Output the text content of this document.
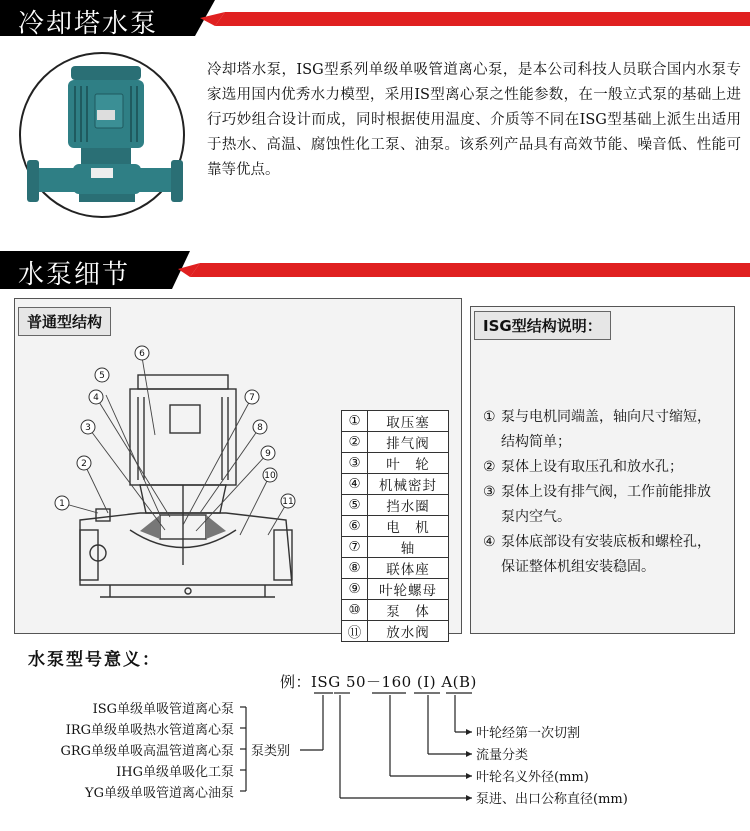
冷却塔水泵
冷却塔水泵，ISG型系列单级单吸管道离心泵，是本公司科技人员联合国内水泵专家选用国内优秀水力模型，采用IS型离心泵之性能参数，在一般立式泵的基础上进行巧妙组合设计而成，同时根据使用温度、介质等不同在ISG型基础上派生出适用于热水、高温、腐蚀性化工泵、油泵。该系列产品具有高效节能、噪音低、性能可靠等优点。
水泵细节
普通型结构
1
2
3
4
5
6
7
8
9
10
11
①	取压塞
②	排气阀
③	叶　轮
④	机械密封
⑤	挡水圈
⑥	电　机
⑦	轴
⑧	联体座
⑨	叶轮螺母
⑩	泵　体
⑪	放水阀
ISG型结构说明：
① 泵与电机同端盖，轴向尺寸缩短，结构简单；
② 泵体上设有取压孔和放水孔；
③ 泵体上设有排气阀，工作前能排放泵内空气。
④ 泵体底部设有安装底板和螺栓孔，保证整体机组安装稳固。
水泵型号意义：
例：ISG 50－160 (I) A(B)
ISG单级单吸管道离心泵
IRG单级单吸热水管道离心泵
GRG单级单吸高温管道离心泵
IHG单级单吸化工泵
YG单级单吸管道离心油泵
泵类别
叶轮经第一次切割
流量分类
叶轮名义外径(mm)
泵进、出口公称直径(mm)
